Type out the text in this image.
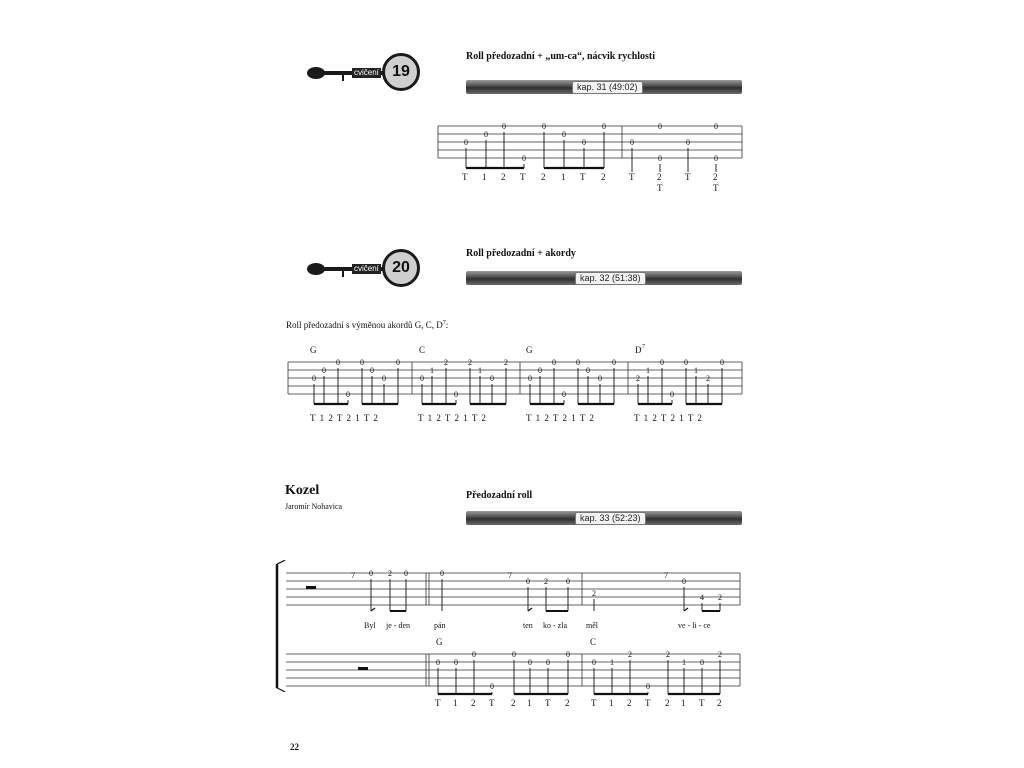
cvičení 19
Roll předozadní + „um-ca“, nácvik rychlosti
kap. 31 (49:02)
0
0
0
0
0
0
0
0
0
0
0
0
0
0
T 1 2 T 2 1 T 2	T	2	T	2
T	T
cvičení 20
Roll předozadní + akordy
kap. 32 (51:38)
Roll předozadní s výměnou akordů G, C, $D^7$:
G	C	G	D 7
0
0
0
0
0
0
0
0
0
1
2
0
2
1
0
2
0
0
0
0
0
0
0
0
2
1
0
0
0
1
2
0
T 1 2 T 2 1 T 2	T 1 2 T 2 1 T 2	T 1 2 T 2 1 T 2	T 1 2 T 2 1 T 2
Kozel
Jaromír Nohavica
Předozadní roll
kap. 33 (52:23)
7 0 2 0	0	7
0 2 0
2
7
0
4 2
Byl je - den	pán	ten ko - zla měl	ve - li - ce
G	C
0 0
0
0
0
0 0
0
0 1
2
0
2
1 0
2
T 1 2 T 2 1 T 2 T 1 2 T 2 1 T 2
22
